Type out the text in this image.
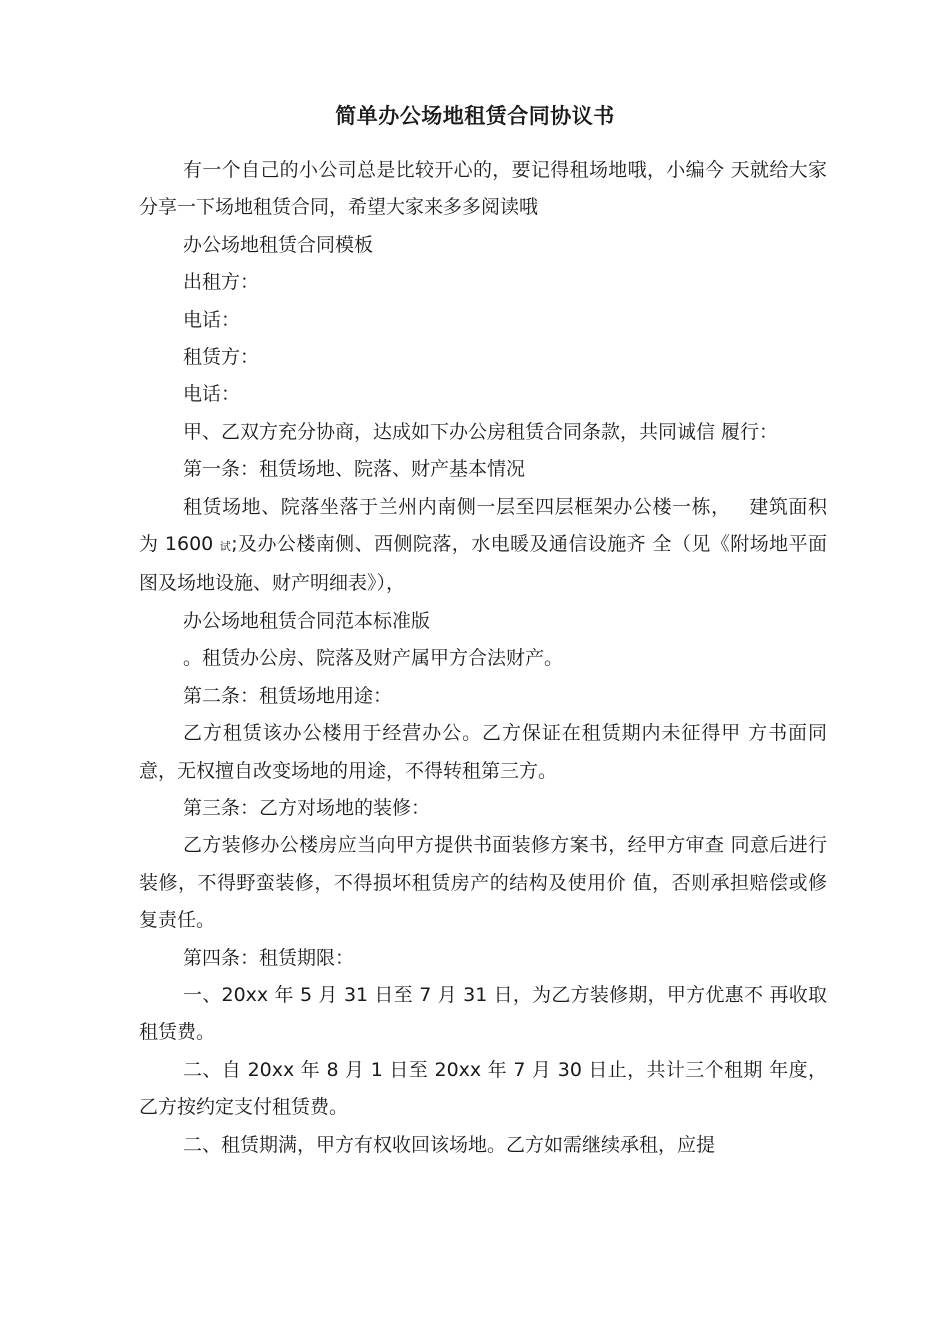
简单办公场地租赁合同协议书

有一个自己的小公司总是比较开心的，要记得租场地哦，小编今 天就给大家分享一下场地租赁合同，希望大家来多多阅读哦

办公场地租赁合同模板

出租方：

电话：

租赁方：

电话：

甲、乙双方充分协商，达成如下办公房租赁合同条款，共同诚信 履行：

第一条：租赁场地、院落、财产基本情况

租赁场地、院落坐落于兰州内南侧一层至四层框架办公楼一栋， 建筑面积为 1600 试;及办公楼南侧、西侧院落，水电暖及通信设施齐 全（见《附场地平面图及场地设施、财产明细表》），

办公场地租赁合同范本标准版

。租赁办公房、院落及财产属甲方合法财产。

第二条：租赁场地用途：

乙方租赁该办公楼用于经营办公。乙方保证在租赁期内未征得甲 方书面同意，无权擅自改变场地的用途，不得转租第三方。

第三条：乙方对场地的装修：

乙方装修办公楼房应当向甲方提供书面装修方案书，经甲方审查 同意后进行装修，不得野蛮装修，不得损坏租赁房产的结构及使用价 值，否则承担赔偿或修复责任。

第四条：租赁期限：

一、20xx 年 5 月 31 日至 7 月 31 日，为乙方装修期，甲方优惠不 再收取租赁费。

二、自 20xx 年 8 月 1 日至 20xx 年 7 月 30 日止，共计三个租期 年度，乙方按约定支付租赁费。

二、租赁期满，甲方有权收回该场地。乙方如需继续承租，应提
